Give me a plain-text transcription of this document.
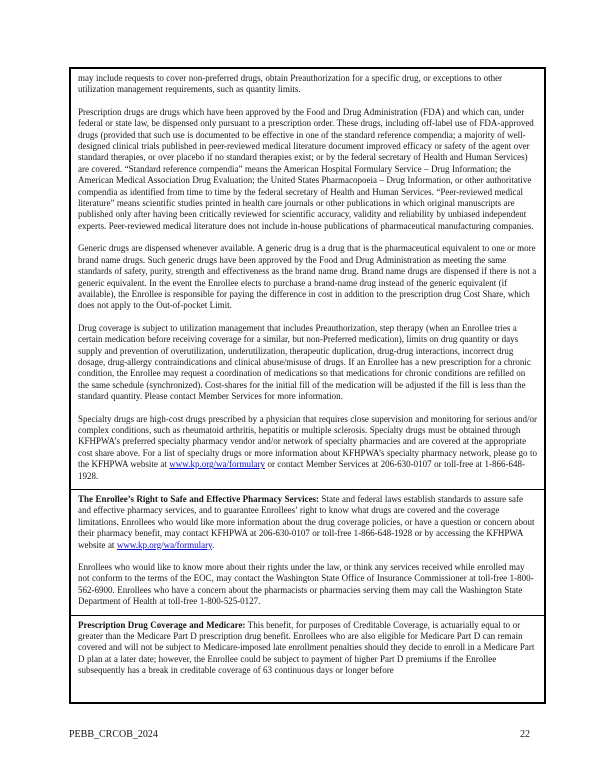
may include requests to cover non-preferred drugs, obtain Preauthorization for a specific drug, or exceptions to other utilization management requirements, such as quantity limits.

Prescription drugs are drugs which have been approved by the Food and Drug Administration (FDA) and which can, under federal or state law, be dispensed only pursuant to a prescription order. These drugs, including off-label use of FDA-approved drugs (provided that such use is documented to be effective in one of the standard reference compendia; a majority of well-designed clinical trials published in peer-reviewed medical literature document improved efficacy or safety of the agent over standard therapies, or over placebo if no standard therapies exist; or by the federal secretary of Health and Human Services) are covered. “Standard reference compendia” means the American Hospital Formulary Service – Drug Information; the American Medical Association Drug Evaluation; the United States Pharmacopoeia – Drug Information, or other authoritative compendia as identified from time to time by the federal secretary of Health and Human Services. “Peer-reviewed medical literature” means scientific studies printed in health care journals or other publications in which original manuscripts are published only after having been critically reviewed for scientific accuracy, validity and reliability by unbiased independent experts. Peer-reviewed medical literature does not include in-house publications of pharmaceutical manufacturing companies.

Generic drugs are dispensed whenever available. A generic drug is a drug that is the pharmaceutical equivalent to one or more brand name drugs. Such generic drugs have been approved by the Food and Drug Administration as meeting the same standards of safety, purity, strength and effectiveness as the brand name drug. Brand name drugs are dispensed if there is not a generic equivalent. In the event the Enrollee elects to purchase a brand-name drug instead of the generic equivalent (if available), the Enrollee is responsible for paying the difference in cost in addition to the prescription drug Cost Share, which does not apply to the Out-of-pocket Limit.

Drug coverage is subject to utilization management that includes Preauthorization, step therapy (when an Enrollee tries a certain medication before receiving coverage for a similar, but non-Preferred medication), limits on drug quantity or days supply and prevention of overutilization, underutilization, therapeutic duplication, drug-drug interactions, incorrect drug dosage, drug-allergy contraindications and clinical abuse/misuse of drugs. If an Enrollee has a new prescription for a chronic condition, the Enrollee may request a coordination of medications so that medications for chronic conditions are refilled on the same schedule (synchronized). Cost-shares for the initial fill of the medication will be adjusted if the fill is less than the standard quantity. Please contact Member Services for more information.

Specialty drugs are high-cost drugs prescribed by a physician that requires close supervision and monitoring for serious and/or complex conditions, such as rheumatoid arthritis, hepatitis or multiple sclerosis. Specialty drugs must be obtained through KFHPWA’s preferred specialty pharmacy vendor and/or network of specialty pharmacies and are covered at the appropriate cost share above. For a list of specialty drugs or more information about KFHPWA’s specialty pharmacy network, please go to the KFHPWA website at www.kp.org/wa/formulary or contact Member Services at 206-630-0107 or toll-free at 1-866-648-1928.

The Enrollee’s Right to Safe and Effective Pharmacy Services: State and federal laws establish standards to assure safe and effective pharmacy services, and to guarantee Enrollees’ right to know what drugs are covered and the coverage limitations. Enrollees who would like more information about the drug coverage policies, or have a question or concern about their pharmacy benefit, may contact KFHPWA at 206-630-0107 or toll-free 1-866-648-1928 or by accessing the KFHPWA website at www.kp.org/wa/formulary.

Enrollees who would like to know more about their rights under the law, or think any services received while enrolled may not conform to the terms of the EOC, may contact the Washington State Office of Insurance Commissioner at toll-free 1-800-562-6900. Enrollees who have a concern about the pharmacists or pharmacies serving them may call the Washington State Department of Health at toll-free 1-800-525-0127.

Prescription Drug Coverage and Medicare: This benefit, for purposes of Creditable Coverage, is actuarially equal to or greater than the Medicare Part D prescription drug benefit. Enrollees who are also eligible for Medicare Part D can remain covered and will not be subject to Medicare-imposed late enrollment penalties should they decide to enroll in a Medicare Part D plan at a later date; however, the Enrollee could be subject to payment of higher Part D premiums if the Enrollee subsequently has a break in creditable coverage of 63 continuous days or longer before

PEBB_CRCOB_2024	22
